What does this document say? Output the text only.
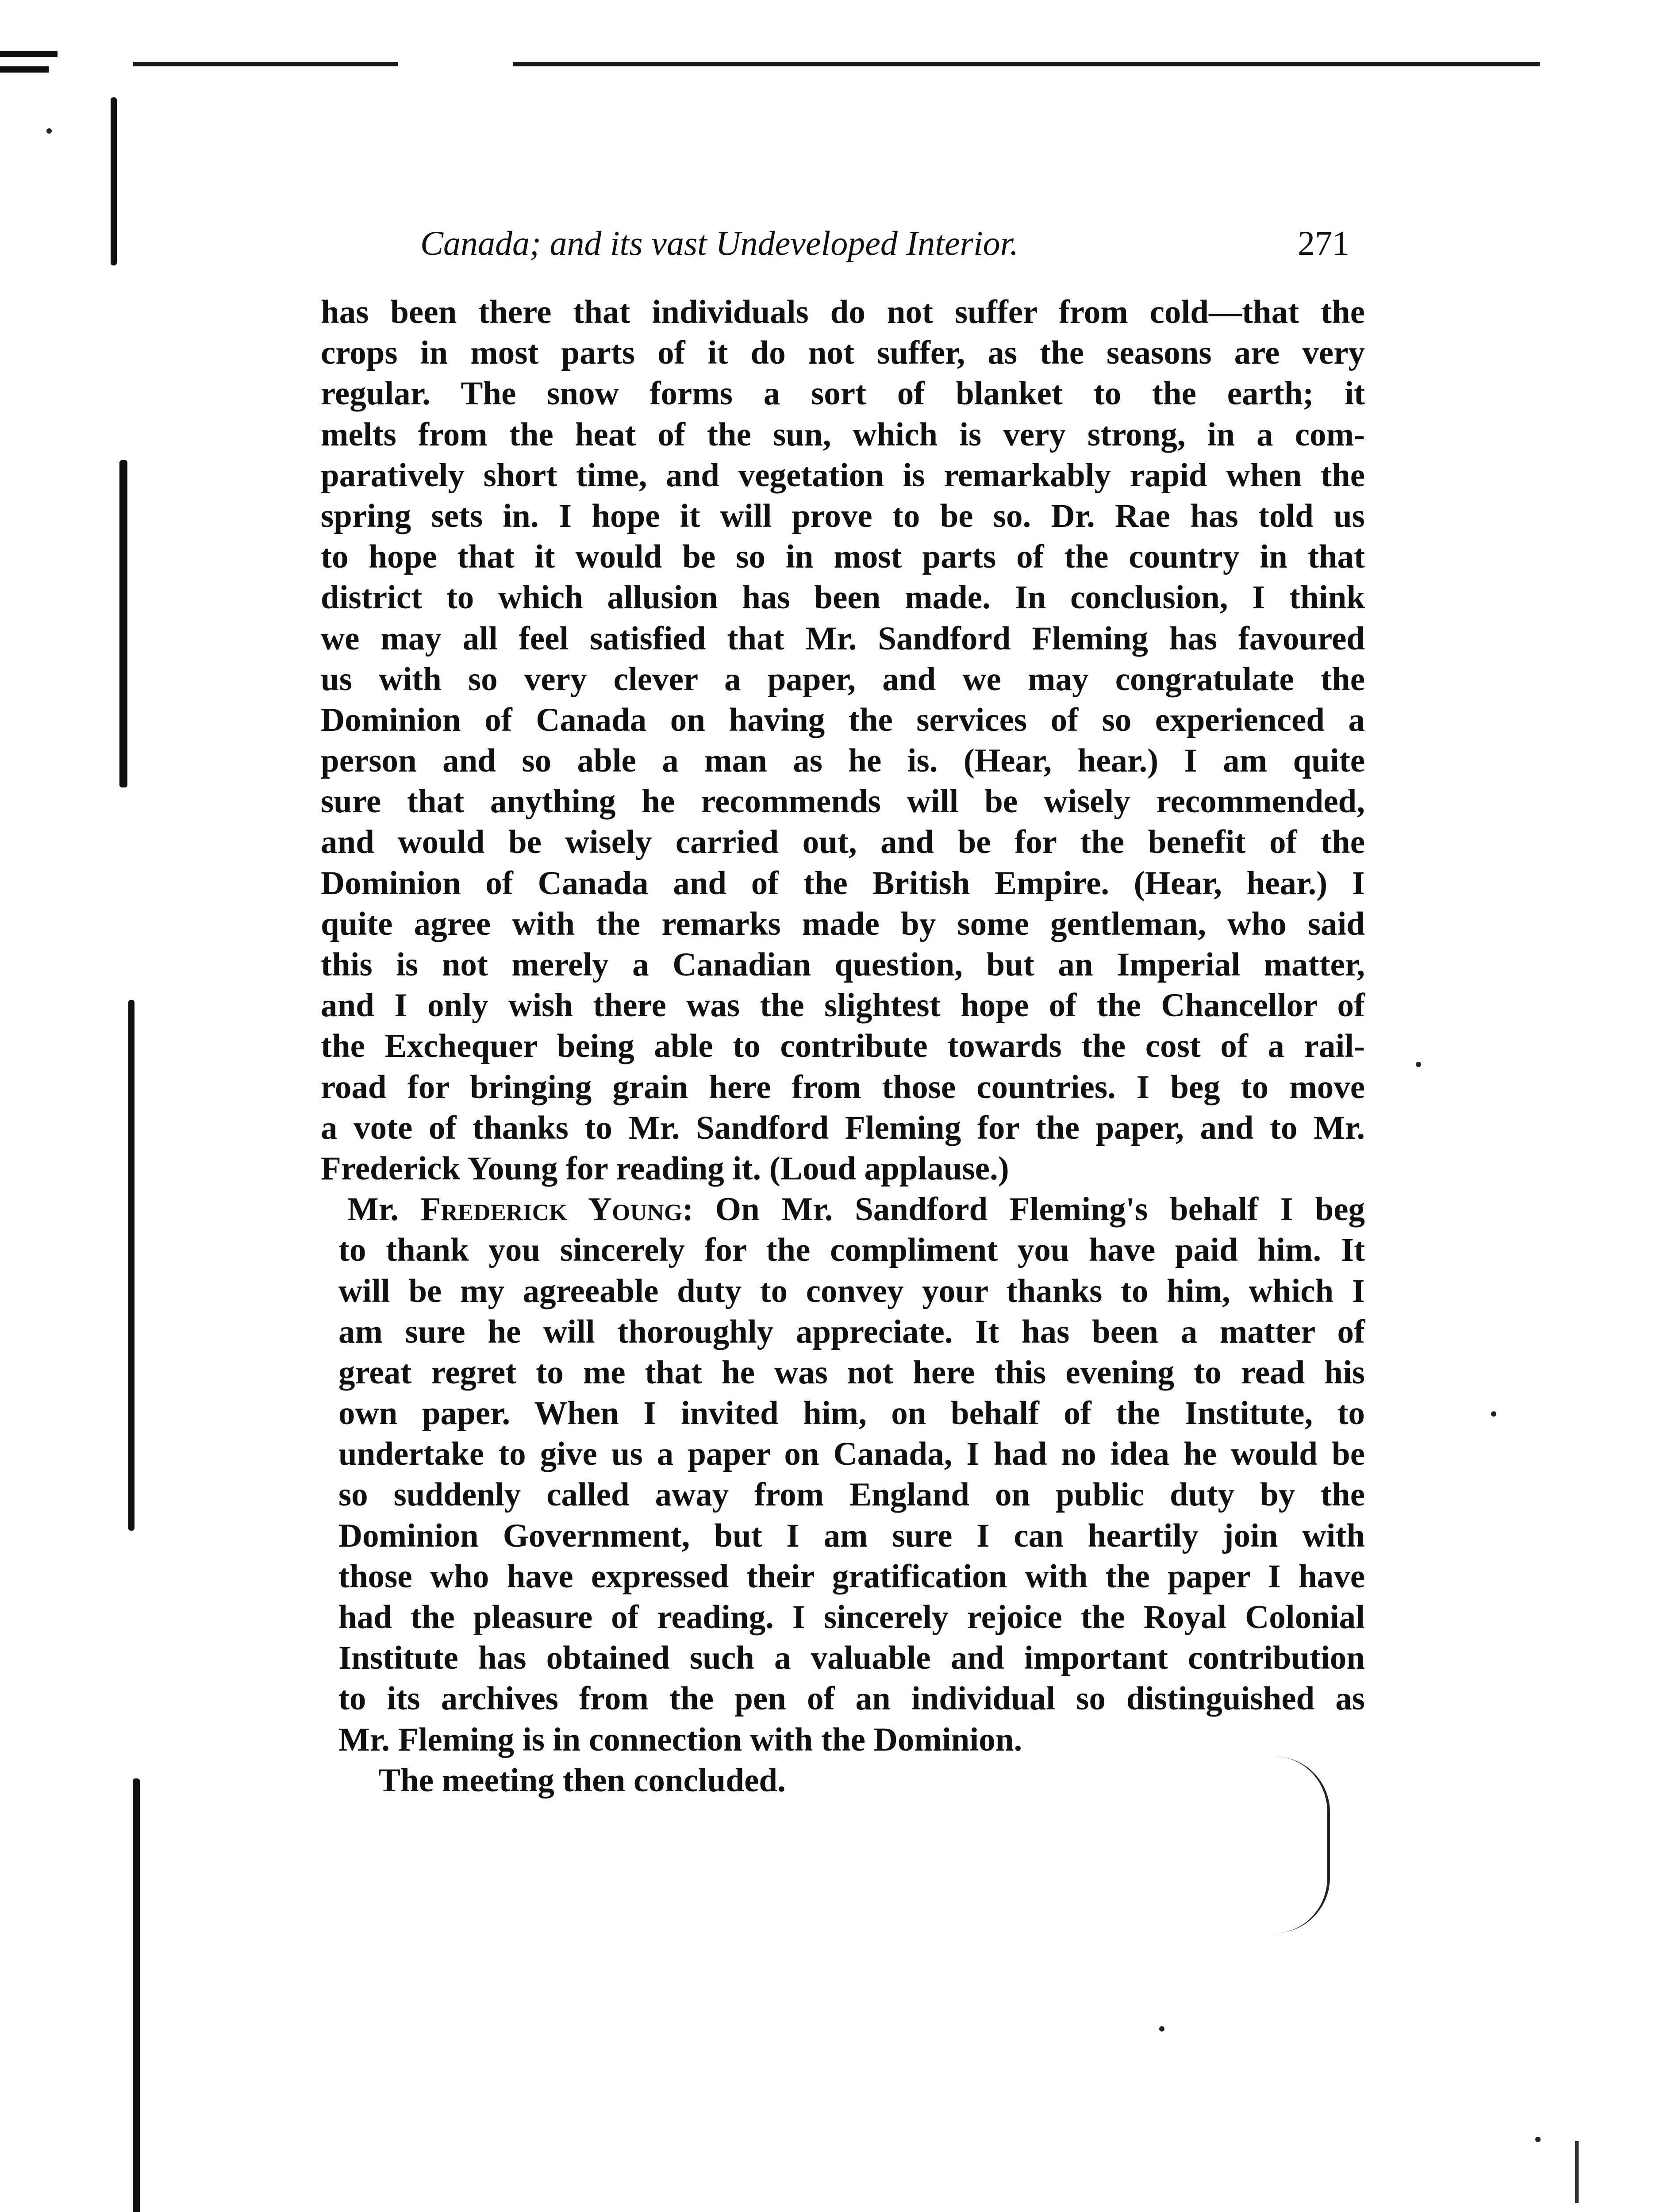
Canada; and its vast Undeveloped Interior.	271
has been there that individuals do not suffer from cold—that the
crops in most parts of it do not suffer, as the seasons are very
regular. The snow forms a sort of blanket to the earth; it
melts from the heat of the sun, which is very strong, in a com-
paratively short time, and vegetation is remarkably rapid when the
spring sets in. I hope it will prove to be so. Dr. Rae has told us
to hope that it would be so in most parts of the country in that
district to which allusion has been made. In conclusion, I think
we may all feel satisfied that Mr. Sandford Fleming has favoured
us with so very clever a paper, and we may congratulate the
Dominion of Canada on having the services of so experienced a
person and so able a man as he is. (Hear, hear.) I am quite
sure that anything he recommends will be wisely recommended,
and would be wisely carried out, and be for the benefit of the
Dominion of Canada and of the British Empire. (Hear, hear.) I
quite agree with the remarks made by some gentleman, who said
this is not merely a Canadian question, but an Imperial matter,
and I only wish there was the slightest hope of the Chancellor of
the Exchequer being able to contribute towards the cost of a rail-
road for bringing grain here from those countries. I beg to move
a vote of thanks to Mr. Sandford Fleming for the paper, and to Mr.
Frederick Young for reading it. (Loud applause.)
Mr. Frederick Young: On Mr. Sandford Fleming's behalf I beg
to thank you sincerely for the compliment you have paid him. It
will be my agreeable duty to convey your thanks to him, which I
am sure he will thoroughly appreciate. It has been a matter of
great regret to me that he was not here this evening to read his
own paper. When I invited him, on behalf of the Institute, to
undertake to give us a paper on Canada, I had no idea he would be
so suddenly called away from England on public duty by the
Dominion Government, but I am sure I can heartily join with
those who have expressed their gratification with the paper I have
had the pleasure of reading. I sincerely rejoice the Royal Colonial
Institute has obtained such a valuable and important contribution
to its archives from the pen of an individual so distinguished as
Mr. Fleming is in connection with the Dominion.
The meeting then concluded.
